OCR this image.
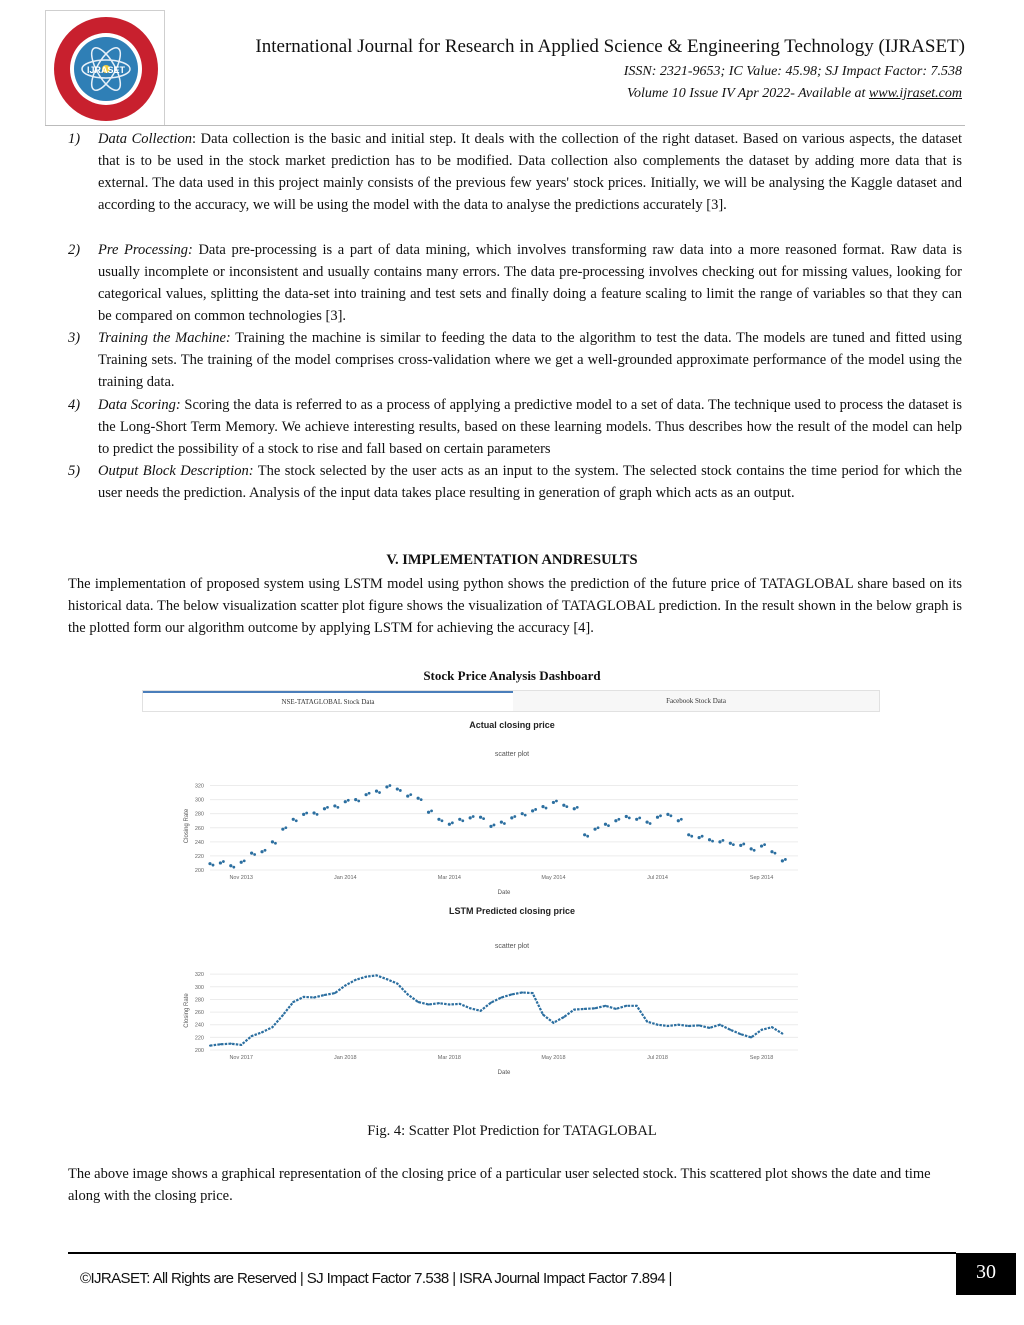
IJRASET
International Journal for Research in Applied Science & Engineering Technology (IJRASET)
ISSN: 2321-9653; IC Value: 45.98; SJ Impact Factor: 7.538
Volume 10 Issue IV Apr 2022- Available at www.ijraset.com
1) Data Collection: Data collection is the basic and initial step. It deals with the collection of the right dataset. Based on various aspects, the dataset that is to be used in the stock market prediction has to be modified. Data collection also complements the dataset by adding more data that is external. The data used in this project mainly consists of the previous few years' stock prices. Initially, we will be analysing the Kaggle dataset and according to the accuracy, we will be using the model with the data to analyse the predictions accurately [3].
2) Pre Processing: Data pre-processing is a part of data mining, which involves transforming raw data into a more reasoned format. Raw data is usually incomplete or inconsistent and usually contains many errors. The data pre-processing involves checking out for missing values, looking for categorical values, splitting the data-set into training and test sets and finally doing a feature scaling to limit the range of variables so that they can be compared on common technologies [3].
3) Training the Machine: Training the machine is similar to feeding the data to the algorithm to test the data. The models are tuned and fitted using Training sets. The training of the model comprises cross-validation where we get a well-grounded approximate performance of the model using the training data.
4) Data Scoring: Scoring the data is referred to as a process of applying a predictive model to a set of data. The technique used to process the dataset is the Long-Short Term Memory. We achieve interesting results, based on these learning models. Thus describes how the result of the model can help to predict the possibility of a stock to rise and fall based on certain parameters
5) Output Block Description: The stock selected by the user acts as an input to the system. The selected stock contains the time period for which the user needs the prediction. Analysis of the input data takes place resulting in generation of graph which acts as an output.
V. IMPLEMENTATION ANDRESULTS
The implementation of proposed system using LSTM model using python shows the prediction of the future price of TATAGLOBAL share based on its historical data. The below visualization scatter plot figure shows the visualization of TATAGLOBAL prediction. In the result shown in the below graph is the plotted form our algorithm outcome by applying LSTM for achieving the accuracy [4].
Stock Price Analysis Dashboard
NSE-TATAGLOBAL Stock Data	Facebook Stock Data
Actual closing price
scatter plot
200
220
240
260
280
300
320
Nov 2013	Jan 2014	Mar 2014	May 2014	Jul 2014	Sep 2014
Date
Closing Rate
LSTM Predicted closing price
scatter plot
200
220
240
260
280
300
320
Nov 2017	Jan 2018	Mar 2018	May 2018	Jul 2018	Sep 2018
Date
Closing Rate
Fig. 4: Scatter Plot Prediction for TATAGLOBAL
The above image shows a graphical representation of the closing price of a particular user selected stock. This scattered plot shows the date and time along with the closing price.
©IJRASET: All Rights are Reserved | SJ Impact Factor 7.538 | ISRA Journal Impact Factor 7.894 |	30
